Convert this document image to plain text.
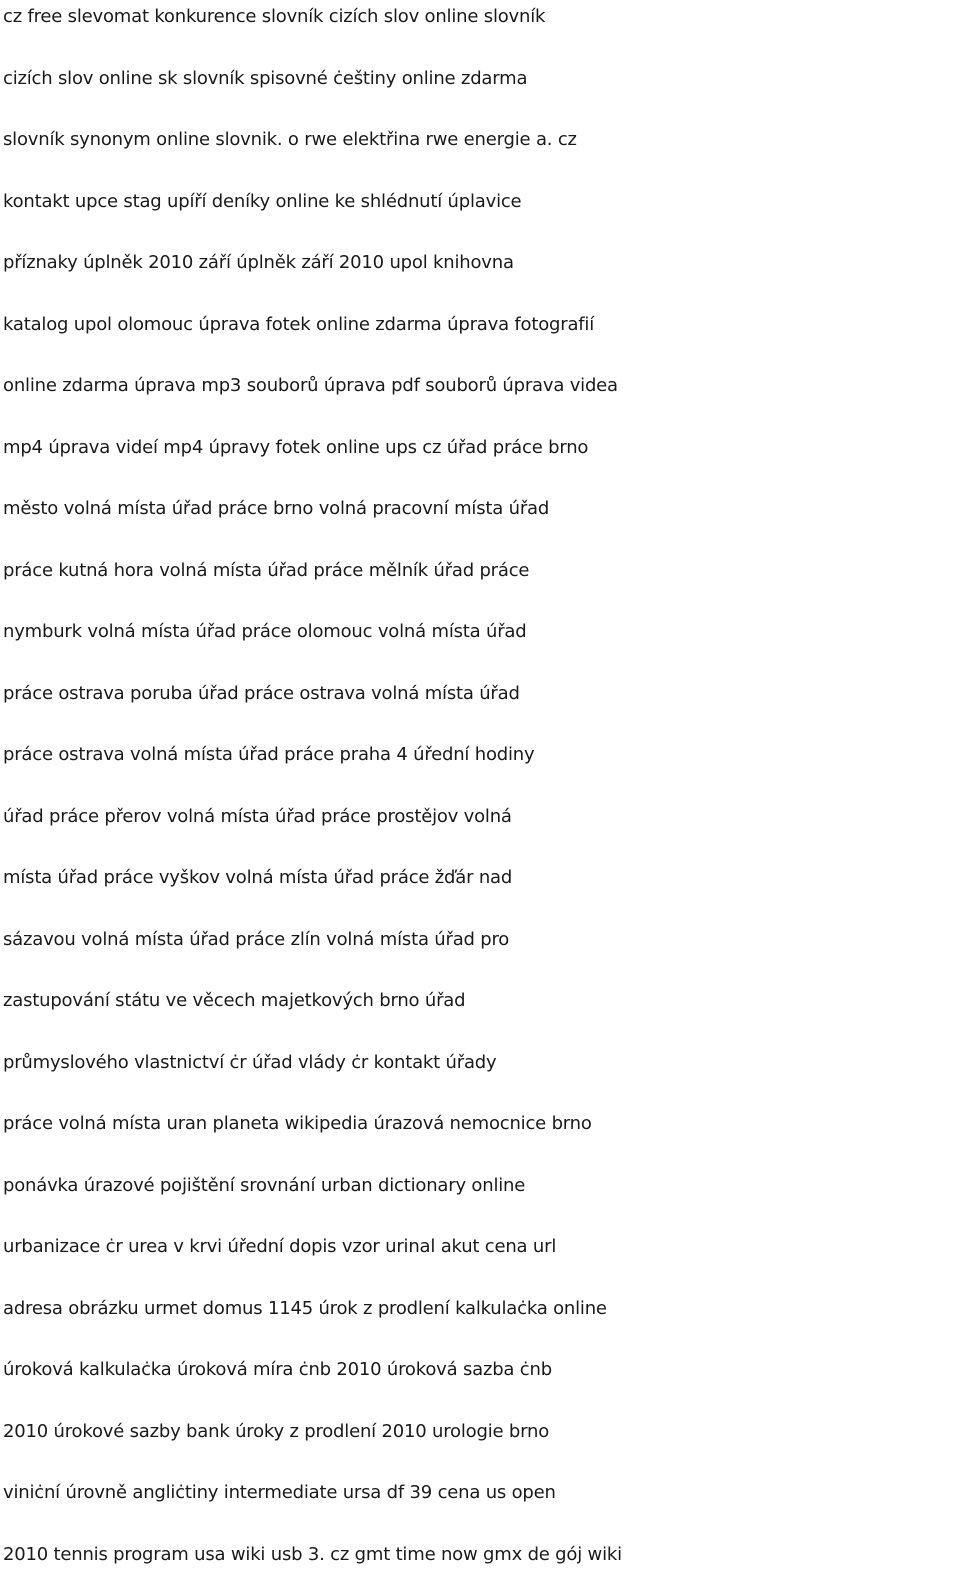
cz free slevomat konkurence slovník cizích slov online slovník
cizích slov online sk slovník spisovné ċeštiny online zdarma
slovník synonym online slovnik. o rwe elektřina rwe energie a. cz
kontakt upce stag upíří deníky online ke shlédnutí úplavice
příznaky úplněk 2010 září úplněk září 2010 upol knihovna
katalog upol olomouc úprava fotek online zdarma úprava fotografií
online zdarma úprava mp3 souborů úprava pdf souborů úprava videa
mp4 úprava videí mp4 úpravy fotek online ups cz úřad práce brno
město volná místa úřad práce brno volná pracovní místa úřad
práce kutná hora volná místa úřad práce mělník úřad práce
nymburk volná místa úřad práce olomouc volná místa úřad
práce ostrava poruba úřad práce ostrava volná místa úřad
práce ostrava volná místa úřad práce praha 4 úřední hodiny
úřad práce přerov volná místa úřad práce prostějov volná
místa úřad práce vyškov volná místa úřad práce žďár nad
sázavou volná místa úřad práce zlín volná místa úřad pro
zastupování státu ve věcech majetkových brno úřad
průmyslového vlastnictví ċr úřad vlády ċr kontakt úřady
práce volná místa uran planeta wikipedia úrazová nemocnice brno
ponávka úrazové pojištění srovnání urban dictionary online
urbanizace ċr urea v krvi úřední dopis vzor urinal akut cena url
adresa obrázku urmet domus 1145 úrok z prodlení kalkulaċka online
úroková kalkulaċka úroková míra ċnb 2010 úroková sazba ċnb
2010 úrokové sazby bank úroky z prodlení 2010 urologie brno
viniċní úrovně angliċtiny intermediate ursa df 39 cena us open
2010 tennis program usa wiki usb 3. cz gmt time now gmx de gój wiki
